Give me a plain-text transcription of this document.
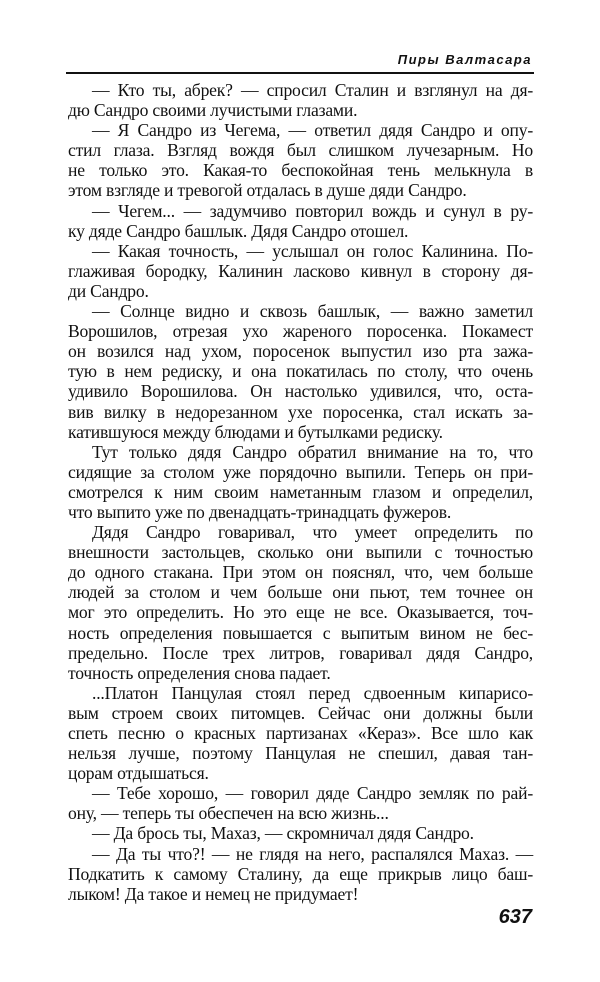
Пиры Валтасара
— Кто ты, абрек? — спросил Сталин и взглянул на дя-
дю Сандро своими лучистыми глазами.
— Я Сандро из Чегема, — ответил дядя Сандро и опу-
стил глаза. Взгляд вождя был слишком лучезарным. Но
не только это. Какая-то беспокойная тень мелькнула в
этом взгляде и тревогой отдалась в душе дяди Сандро.
— Чегем... — задумчиво повторил вождь и сунул в ру-
ку дяде Сандро башлык. Дядя Сандро отошел.
— Какая точность, — услышал он голос Калинина. По-
глаживая бородку, Калинин ласково кивнул в сторону дя-
ди Сандро.
— Солнце видно и сквозь башлык, — важно заметил
Ворошилов, отрезая ухо жареного поросенка. Покамест
он возился над ухом, поросенок выпустил изо рта зажа-
тую в нем редиску, и она покатилась по столу, что очень
удивило Ворошилова. Он настолько удивился, что, оста-
вив вилку в недорезанном ухе поросенка, стал искать за-
катившуюся между блюдами и бутылками редиску.
Тут только дядя Сандро обратил внимание на то, что
сидящие за столом уже порядочно выпили. Теперь он при-
смотрелся к ним своим наметанным глазом и определил,
что выпито уже по двенадцать-тринадцать фужеров.
Дядя Сандро говаривал, что умеет определить по
внешности застольцев, сколько они выпили с точностью
до одного стакана. При этом он пояснял, что, чем больше
людей за столом и чем больше они пьют, тем точнее он
мог это определить. Но это еще не все. Оказывается, точ-
ность определения повышается с выпитым вином не бес-
предельно. После трех литров, говаривал дядя Сандро,
точность определения снова падает.
...Платон Панцулая стоял перед сдвоенным кипарисо-
вым строем своих питомцев. Сейчас они должны были
спеть песню о красных партизанах «Кераз». Все шло как
нельзя лучше, поэтому Панцулая не спешил, давая тан-
цорам отдышаться.
— Тебе хорошо, — говорил дяде Сандро земляк по рай-
ону, — теперь ты обеспечен на всю жизнь...
— Да брось ты, Махаз, — скромничал дядя Сандро.
— Да ты что?! — не глядя на него, распалялся Махаз. —
Подкатить к самому Сталину, да еще прикрыв лицо баш-
лыком! Да такое и немец не придумает!
637
